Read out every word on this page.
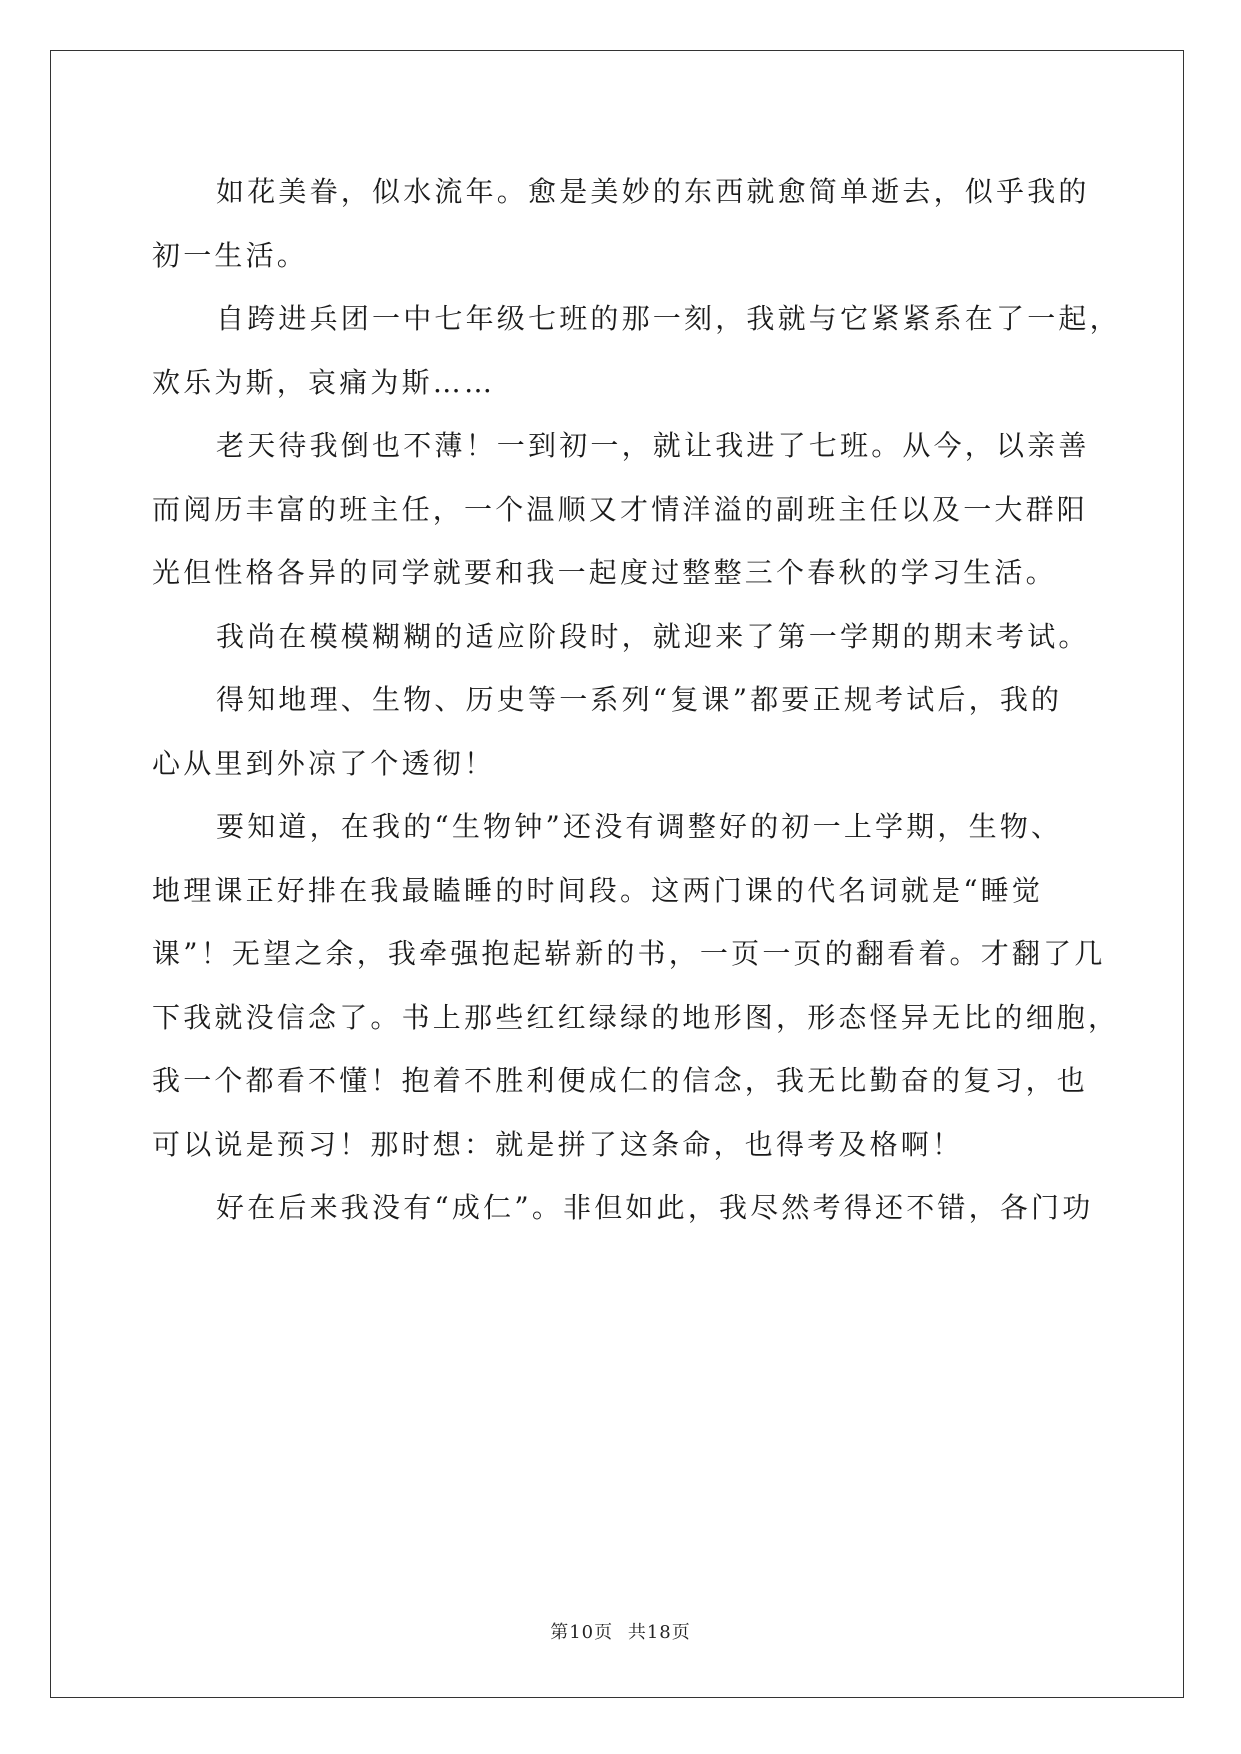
如花美眷，似水流年。愈是美妙的东西就愈简单逝去，似乎我的
初一生活。

自跨进兵团一中七年级七班的那一刻，我就与它紧紧系在了一起，
欢乐为斯，哀痛为斯……

老天待我倒也不薄！一到初一，就让我进了七班。从今，以亲善
而阅历丰富的班主任，一个温顺又才情洋溢的副班主任以及一大群阳
光但性格各异的同学就要和我一起度过整整三个春秋的学习生活。

我尚在模模糊糊的适应阶段时，就迎来了第一学期的期末考试。

得知地理、生物、历史等一系列“复课”都要正规考试后，我的
心从里到外凉了个透彻！

要知道，在我的“生物钟”还没有调整好的初一上学期，生物、
地理课正好排在我最瞌睡的时间段。这两门课的代名词就是“睡觉
课”！无望之余，我牵强抱起崭新的书，一页一页的翻看着。才翻了几
下我就没信念了。书上那些红红绿绿的地形图，形态怪异无比的细胞，
我一个都看不懂！抱着不胜利便成仁的信念，我无比勤奋的复习，也
可以说是预习！那时想：就是拼了这条命，也得考及格啊！

好在后来我没有“成仁”。非但如此，我尽然考得还不错，各门功

第10页 共18页
